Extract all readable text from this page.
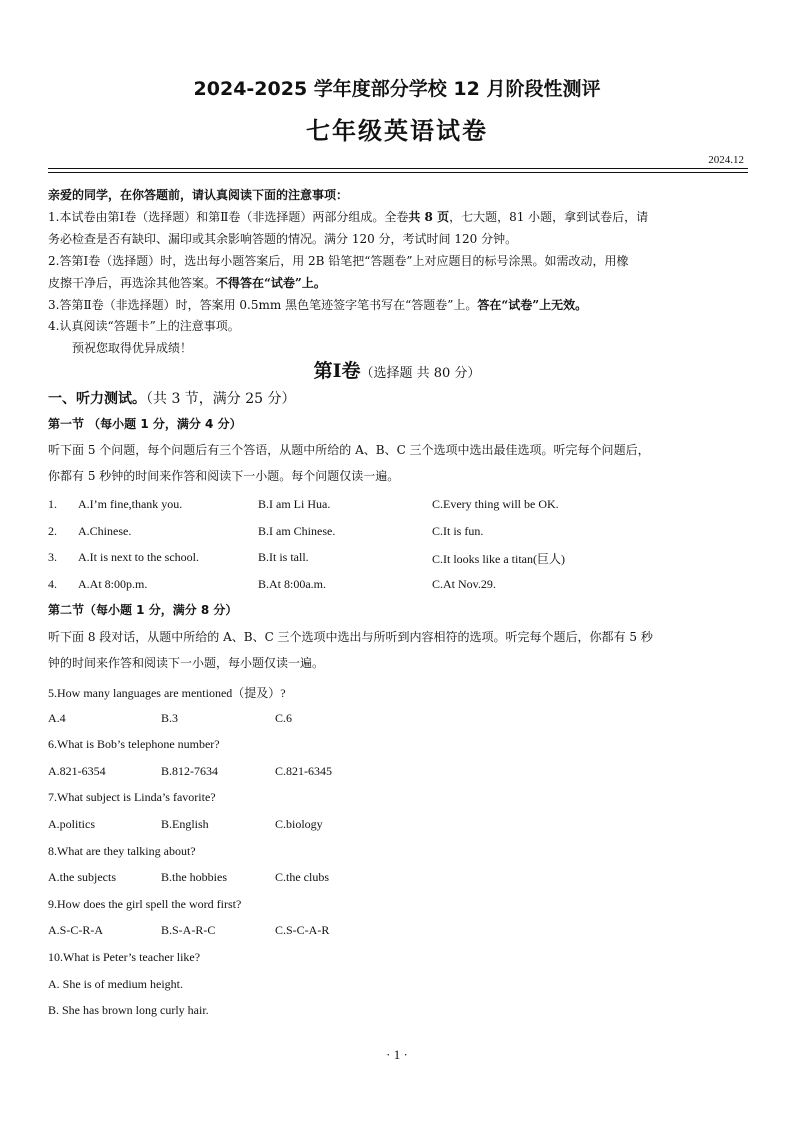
2024-2025 学年度部分学校 12 月阶段性测评
七年级英语试卷
2024.12
亲爱的同学，在你答题前，请认真阅读下面的注意事项：
1.本试卷由第Ⅰ卷（选择题）和第Ⅱ卷（非选择题）两部分组成。全卷共 8 页，七大题，81 小题，拿到试卷后，请
务必检查是否有缺印、漏印或其余影响答题的情况。满分 120 分，考试时间 120 分钟。
2.答第Ⅰ卷（选择题）时，选出每小题答案后，用 2B 铅笔把“答题卷”上对应题目的标号涂黑。如需改动，用橡
皮擦干净后，再选涂其他答案。不得答在“试卷”上。
3.答第Ⅱ卷（非选择题）时，答案用 0.5mm 黑色笔迹签字笔书写在“答题卷”上。答在“试卷”上无效。
4.认真阅读“答题卡”上的注意事项。
预祝您取得优异成绩！
第Ⅰ卷（选择题 共 80 分）
一、听力测试。（共 3 节，满分 25 分）
第一节 （每小题 1 分，满分 4 分）
听下面 5 个问题，每个问题后有三个答语，从题中所给的 A、B、C 三个选项中选出最佳选项。听完每个问题后，
你都有 5 秒钟的时间来作答和阅读下一小题。每个问题仅读一遍。
1. A.I’m fine,thank you.	B.I am Li Hua.	C.Every thing will be OK.
2. A.Chinese.	B.I am Chinese.	C.It is fun.
3. A.It is next to the school.	B.It is tall.	C.It looks like a titan(巨人)
4. A.At 8:00p.m.	B.At 8:00a.m.	C.At Nov.29.
第二节（每小题 1 分，满分 8 分）
听下面 8 段对话，从题中所给的 A、B、C 三个选项中选出与所听到内容相符的选项。听完每个题后，你都有 5 秒
钟的时间来作答和阅读下一小题，每小题仅读一遍。
5.How many languages are mentioned（提及）?
A.4	B.3	C.6
6.What is Bob’s telephone number?
A.821-6354	B.812-7634	C.821-6345
7.What subject is Linda’s favorite?
A.politics	B.English	C.biology
8.What are they talking about?
A.the subjects	B.the hobbies	C.the clubs
9.How does the girl spell the word first?
A.S-C-R-A	B.S-A-R-C	C.S-C-A-R
10.What is Peter’s teacher like?
A. She is of medium height.
B. She has brown long curly hair.
· 1 ·
